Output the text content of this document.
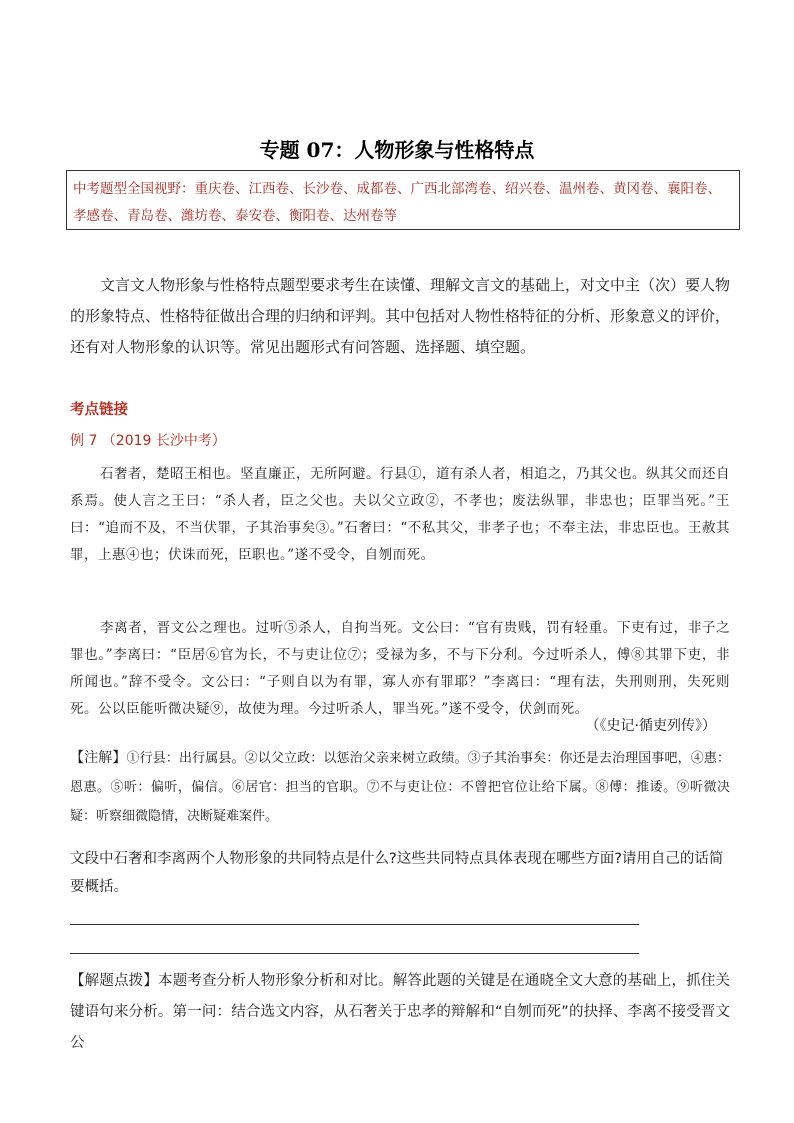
专题 07：人物形象与性格特点
中考题型全国视野：重庆卷、江西卷、长沙卷、成都卷、广西北部湾卷、绍兴卷、温州卷、黄冈卷、襄阳卷、孝感卷、青岛卷、潍坊卷、泰安卷、衡阳卷、达州卷等
文言文人物形象与性格特点题型要求考生在读懂、理解文言文的基础上，对文中主（次）要人物的形象特点、性格特征做出合理的归纳和评判。其中包括对人物性格特征的分析、形象意义的评价，还有对人物形象的认识等。常见出题形式有问答题、选择题、填空题。
考点链接
例 7 （2019 长沙中考）
石奢者，楚昭王相也。坚直廉正，无所阿避。行县①，道有杀人者，相追之，乃其父也。纵其父而还自系焉。使人言之王曰：“杀人者，臣之父也。夫以父立政②，不孝也；废法纵罪，非忠也；臣罪当死。”王曰：“追而不及，不当伏罪，子其治事矣③。”石奢曰：“不私其父，非孝子也；不奉主法，非忠臣也。王赦其罪，上惠④也；伏诛而死，臣职也。”遂不受令，自刎而死。
李离者，晋文公之理也。过听⑤杀人，自拘当死。文公曰：“官有贵贱，罚有轻重。下吏有过，非子之罪也。”李离曰：“臣居⑥官为长，不与吏让位⑦；受禄为多，不与下分利。今过听杀人，傅⑧其罪下吏，非所闻也。”辞不受令。文公曰：“子则自以为有罪，寡人亦有罪耶？”李离曰：“理有法，失刑则刑，失死则死。公以臣能听微决疑⑨，故使为理。今过听杀人，罪当死。”遂不受令，伏剑而死。
（《史记·循吏列传》）
【注解】①行县：出行属县。②以父立政：以惩治父亲来树立政绩。③子其治事矣：你还是去治理国事吧，④惠：恩惠。⑤听：偏听，偏信。⑥居官：担当的官职。⑦不与吏让位：不曾把官位让给下属。⑧傅：推诿。⑨听微决疑：听察细微隐情，决断疑难案件。
文段中石奢和李离两个人物形象的共同特点是什么?这些共同特点具体表现在哪些方面?请用自己的话简要概括。
【解题点拨】本题考查分析人物形象分析和对比。解答此题的关键是在通晓全文大意的基础上，抓住关键语句来分析。第一问：结合选文内容，从石奢关于忠孝的辩解和“自刎而死”的抉择、李离不接受晋文公
